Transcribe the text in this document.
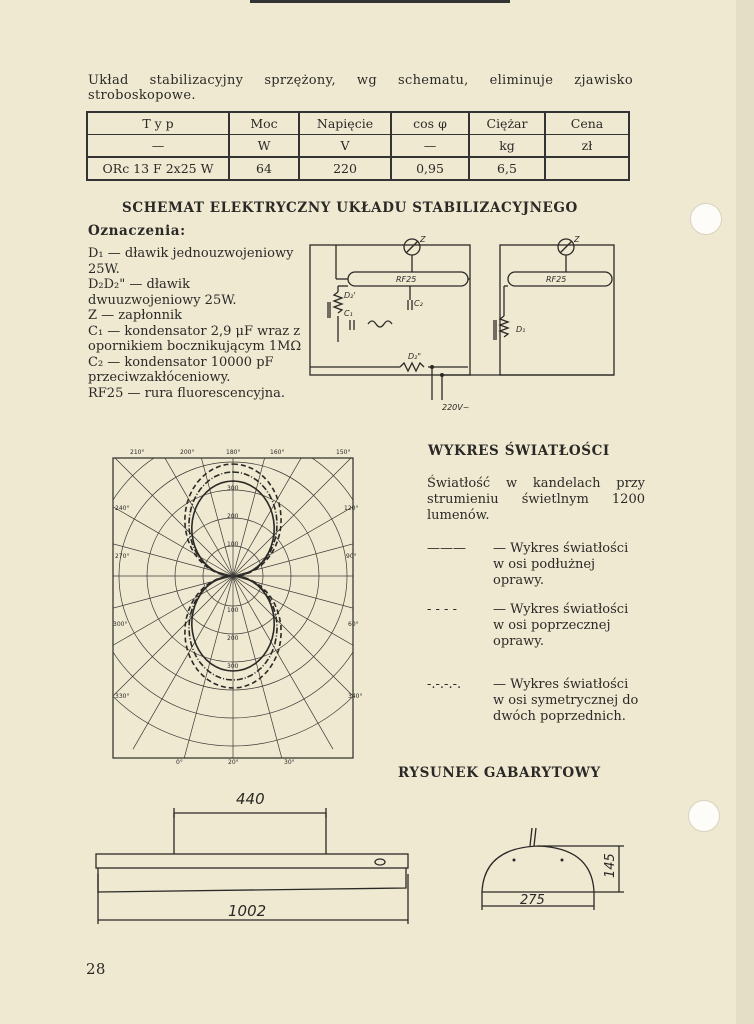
Układ stabilizacyjny sprzężony, wg schematu, eliminuje zjawisko stroboskopowe.
T y p	Moc	Napięcie	cos φ	Ciężar	Cena
—	W	V	—	kg	zł
ORc 13 F 2x25 W	64	220	0,95	6,5	
SCHEMAT ELEKTRYCZNY UKŁADU STABILIZACYJNEGO
Oznaczenia:
D₁ — dławik jednouzwojeniowy 25W.
D₂D₂" — dławik dwuuzwojeniowy 25W.
Z — zapłonnik
C₁ — kondensator 2,9 μF wraz z opornikiem bocznikującym 1MΩ
C₂ — kondensator 10000 pF przeciwzakłóceniowy.
RF25 — rura fluorescencyjna.
Z	Z
RF25	RF25
C₁
C₂
D₂'
D₂"
D₁
220V~
210°	200°	180°	160°	150°
240°	120°
270°	90°
300°	60°
330°	340°
0°	20°	30°
100
100
200
200
300
300
WYKRES ŚWIATŁOŚCI
Światłość w kandelach przy strumieniu świetlnym 1200 lumenów.
——— — Wykres światłości w osi podłużnej oprawy.
- - - -	— Wykres światłości w osi poprzecznej oprawy.
-.-.-.-. — Wykres światłości w osi symetrycznej do dwóch poprzednich.
RYSUNEK GABARYTOWY
440
1002
275
145
28
